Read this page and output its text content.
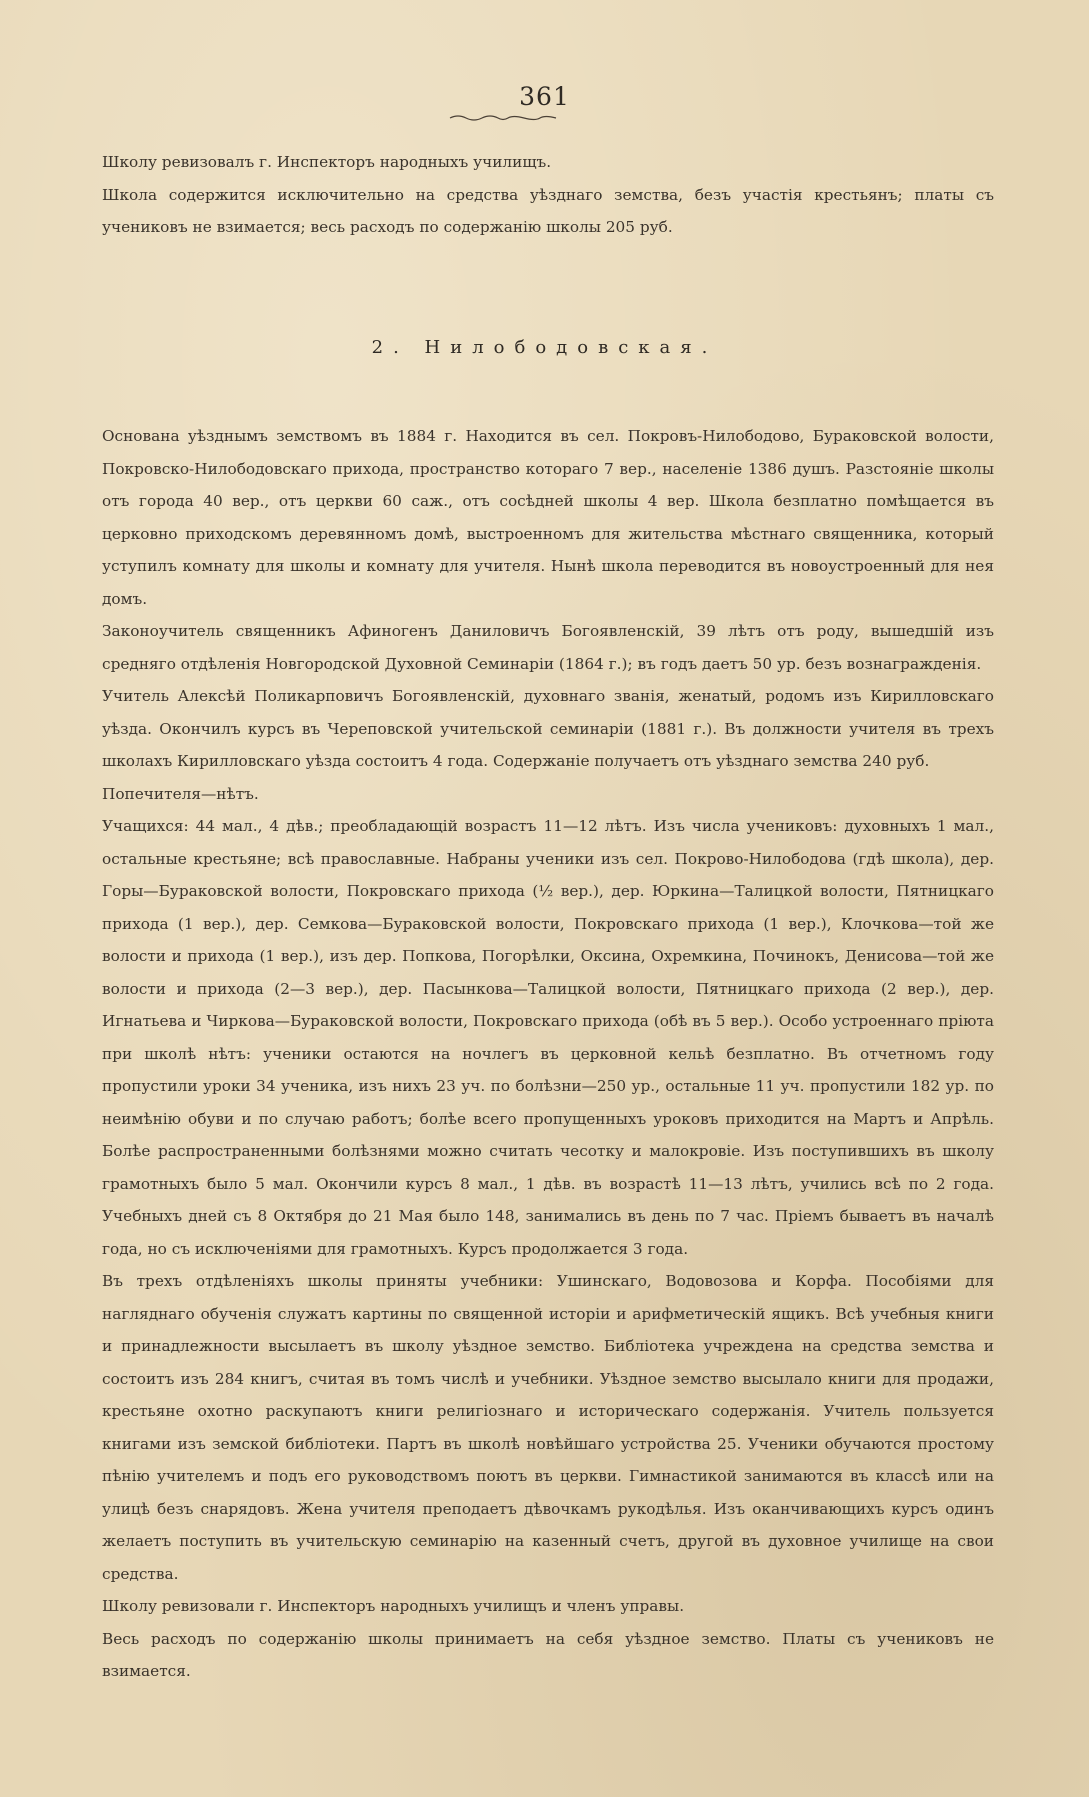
361

Школу ревизовалъ г. Инспекторъ народныхъ училищъ.

Школа содержится исключительно на средства уѣзднаго земства, безъ участія крестьянъ; платы съ учениковъ не взимается; весь расходъ по содержанію школы 205 руб.

2. Нилободовская.

Основана уѣзднымъ земствомъ въ 1884 г. Находится въ сел. Покровъ-Нилободово, Бураковской волости, Покровско-Нилободовскаго прихода, пространство котораго 7 вер., населеніе 1386 душъ. Разстояніе школы отъ города 40 вер., отъ церкви 60 саж., отъ сосѣдней школы 4 вер. Школа безплатно помѣщается въ церковно приходскомъ деревянномъ домѣ, выстроенномъ для жительства мѣстнаго священника, который уступилъ комнату для школы и комнату для учителя. Нынѣ школа переводится въ новоустроенный для нея домъ.

Законоучитель священникъ Афиногенъ Даниловичъ Богоявленскій, 39 лѣтъ отъ роду, вышедшій изъ средняго отдѣленія Новгородской Духовной Семинаріи (1864 г.); въ годъ даетъ 50 ур. безъ вознагражденія.

Учитель Алексѣй Поликарповичъ Богоявленскій, духовнаго званія, женатый, родомъ изъ Кирилловскаго уѣзда. Окончилъ курсъ въ Череповской учительской семинаріи (1881 г.). Въ должности учителя въ трехъ школахъ Кирилловскаго уѣзда состоитъ 4 года. Содержаніе получаетъ отъ уѣзднаго земства 240 руб.

Попечителя—нѣтъ.

Учащихся: 44 мал., 4 дѣв.; преобладающій возрастъ 11—12 лѣтъ. Изъ числа учениковъ: духовныхъ 1 мал., остальные крестьяне; всѣ православные. Набраны ученики изъ сел. Покрово-Нилободова (гдѣ школа), дер. Горы—Бураковской волости, Покровскаго прихода (½ вер.), дер. Юркина—Талицкой волости, Пятницкаго прихода (1 вер.), дер. Семкова—Бураковской волости, Покровскаго прихода (1 вер.), Клочкова—той же волости и прихода (1 вер.), изъ дер. Попкова, Погорѣлки, Оксина, Охремкина, Починокъ, Денисова—той же волости и прихода (2—3 вер.), дер. Пасынкова—Талицкой волости, Пятницкаго прихода (2 вер.), дер. Игнатьева и Чиркова—Бураковской волости, Покровскаго прихода (обѣ въ 5 вер.). Особо устроеннаго пріюта при школѣ нѣтъ: ученики остаются на ночлегъ въ церковной кельѣ безплатно. Въ отчетномъ году пропустили уроки 34 ученика, изъ нихъ 23 уч. по болѣзни—250 ур., остальные 11 уч. пропустили 182 ур. по неимѣнію обуви и по случаю работъ; болѣе всего пропущенныхъ уроковъ приходится на Мартъ и Апрѣль. Болѣе распространенными болѣзнями можно считать чесотку и малокровіе. Изъ поступившихъ въ школу грамотныхъ было 5 мал. Окончили курсъ 8 мал., 1 дѣв. въ возрастѣ 11—13 лѣтъ, учились всѣ по 2 года. Учебныхъ дней съ 8 Октября до 21 Мая было 148, занимались въ день по 7 час. Пріемъ бываетъ въ началѣ года, но съ исключеніями для грамотныхъ. Курсъ продолжается 3 года.

Въ трехъ отдѣленіяхъ школы приняты учебники: Ушинскаго, Водовозова и Корфа. Пособіями для нагляднаго обученія служатъ картины по священной исторіи и арифметическій ящикъ. Всѣ учебныя книги и принадлежности высылаетъ въ школу уѣздное земство. Библіотека учреждена на средства земства и состоитъ изъ 284 книгъ, считая въ томъ числѣ и учебники. Уѣздное земство высылало книги для продажи, крестьяне охотно раскупаютъ книги религіознаго и историческаго содержанія. Учитель пользуется книгами изъ земской библіотеки. Партъ въ школѣ новѣйшаго устройства 25. Ученики обучаются простому пѣнію учителемъ и подъ его руководствомъ поютъ въ церкви. Гимнастикой занимаются въ классѣ или на улицѣ безъ снарядовъ. Жена учителя преподаетъ дѣвочкамъ рукодѣлья. Изъ оканчивающихъ курсъ одинъ желаетъ поступить въ учительскую семинарію на казенный счетъ, другой въ духовное училище на свои средства.

Школу ревизовали г. Инспекторъ народныхъ училищъ и членъ управы.

Весь расходъ по содержанію школы принимаетъ на себя уѣздное земство. Платы съ учениковъ не взимается.
